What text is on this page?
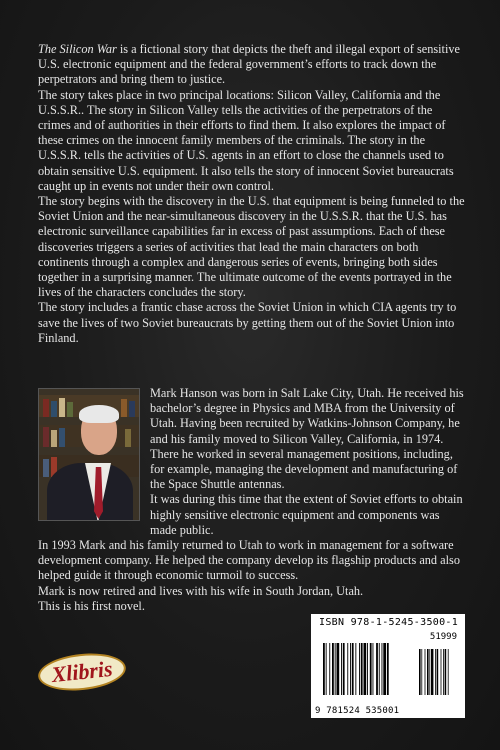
The Silicon War is a fictional story that depicts the theft and illegal export of sensitive U.S. electronic equipment and the federal government’s efforts to track down the perpetrators and bring them to justice.

The story takes place in two principal locations: Silicon Valley, California and the U.S.S.R.. The story in Silicon Valley tells the activities of the perpetrators of the crimes and of authorities in their efforts to find them. It also explores the impact of these crimes on the innocent family members of the criminals. The story in the U.S.S.R. tells the activities of U.S. agents in an effort to close the channels used to obtain sensitive U.S. equipment. It also tells the story of innocent Soviet bureaucrats caught up in events not under their own control.

The story begins with the discovery in the U.S. that equipment is being funneled to the Soviet Union and the near-simultaneous discovery in the U.S.S.R. that the U.S. has electronic surveillance capabilities far in excess of past assumptions. Each of these discoveries triggers a series of activities that lead the main characters on both continents through a complex and dangerous series of events, bringing both sides together in a surprising manner. The ultimate outcome of the events portrayed in the lives of the characters concludes the story.

The story includes a frantic chase across the Soviet Union in which CIA agents try to save the lives of two Soviet bureaucrats by getting them out of the Soviet Union into Finland.

Mark Hanson was born in Salt Lake City, Utah. He received his bachelor’s degree in Physics and MBA from the University of Utah. Having been recruited by Watkins-Johnson Company, he and his family moved to Silicon Valley, California, in 1974. There he worked in several management positions, including, for example, managing the development and manufacturing of the Space Shuttle antennas.

It was during this time that the extent of Soviet efforts to obtain highly sensitive electronic equipment and components was made public.

In 1993 Mark and his family returned to Utah to work in management for a software development company. He helped the company develop its flagship products and also helped guide it through economic turmoil to success.

Mark is now retired and lives with his wife in South Jordan, Utah.

This is his first novel.

Xlibris
ISBN 978-1-5245-3500-1
51999
9 781524 535001
